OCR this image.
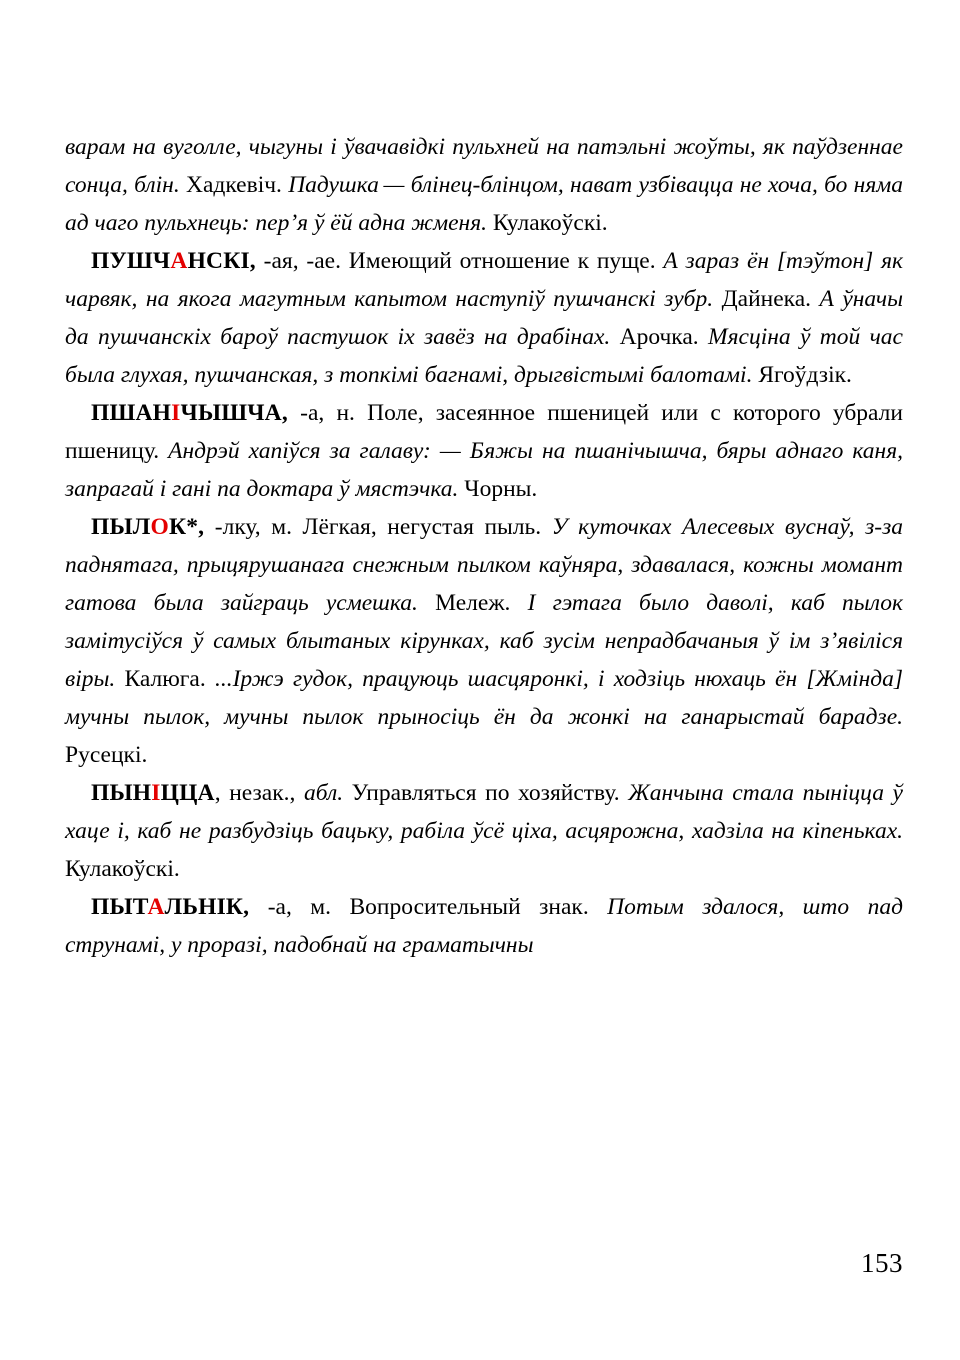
варам на вуголле, чыгуны і ўвачавідкі пульхней на патэльні жоўты, як паўдзеннае сонца, блін. Хадкевіч. Падушка — блінец-блінцом, нават узбівацца не хоча, бо няма ад чаго пульхнець: пер’я ў ёй адна жменя. Кулакоўскі.

ПУШЧАНСКІ, -ая, -ае. Имеющий отношение к пуще. А зараз ён [тэўтон] як чарвяк, на якога магутным капытом наступіў пушчанскі зубр. Дайнека. А ўначы да пушчанскіх бароў пастушок іх завёз на драбінах. Арочка. Мясціна ў той час была глухая, пушчанская, з топкімі багнамі, дрыгвістымі балотамі. Ягоўдзік.

ПШАНІЧЫШЧА, -а, н. Поле, засеянное пшеницей или с которого убрали пшеницу. Андрэй хапіўся за галаву: — Бяжы на пшанічышча, бяры аднаго каня, запрагай і гані па доктара ў мястэчка. Чорны.

ПЫЛОК*, -лку, м. Лёгкая, негустая пыль. У куточках Алесевых вуснаў, з-за паднятага, прыцярушанага снежным пылком каўняра, здавалася, кожны момант гатова была зайграць усмешка. Мележ. І гэтага было даволі, каб пылок замітусіўся ў самых блытаных кірунках, каб зусім непрадбачаныя ў ім з’явіліся віры. Калюга. ...Іржэ гудок, працуюць шасцяронкі, і ходзіць нюхаць ён [Жмінда] мучны пылок, мучны пылок прыносіць ён да жонкі на ганарыстай барадзе. Русецкі.

ПЫНІЦЦА, незак., абл. Управляться по хозяйству. Жанчына стала пыніцца ў хаце і, каб не разбудзіць бацьку, рабіла ўсё ціха, асцярожна, хадзіла на кіпеньках. Кулакоўскі.

ПЫТАЛЬНІК, -а, м. Вопросительный знак. Потым здалося, што пад струнамі, у проразі, падобнай на граматычны

153
